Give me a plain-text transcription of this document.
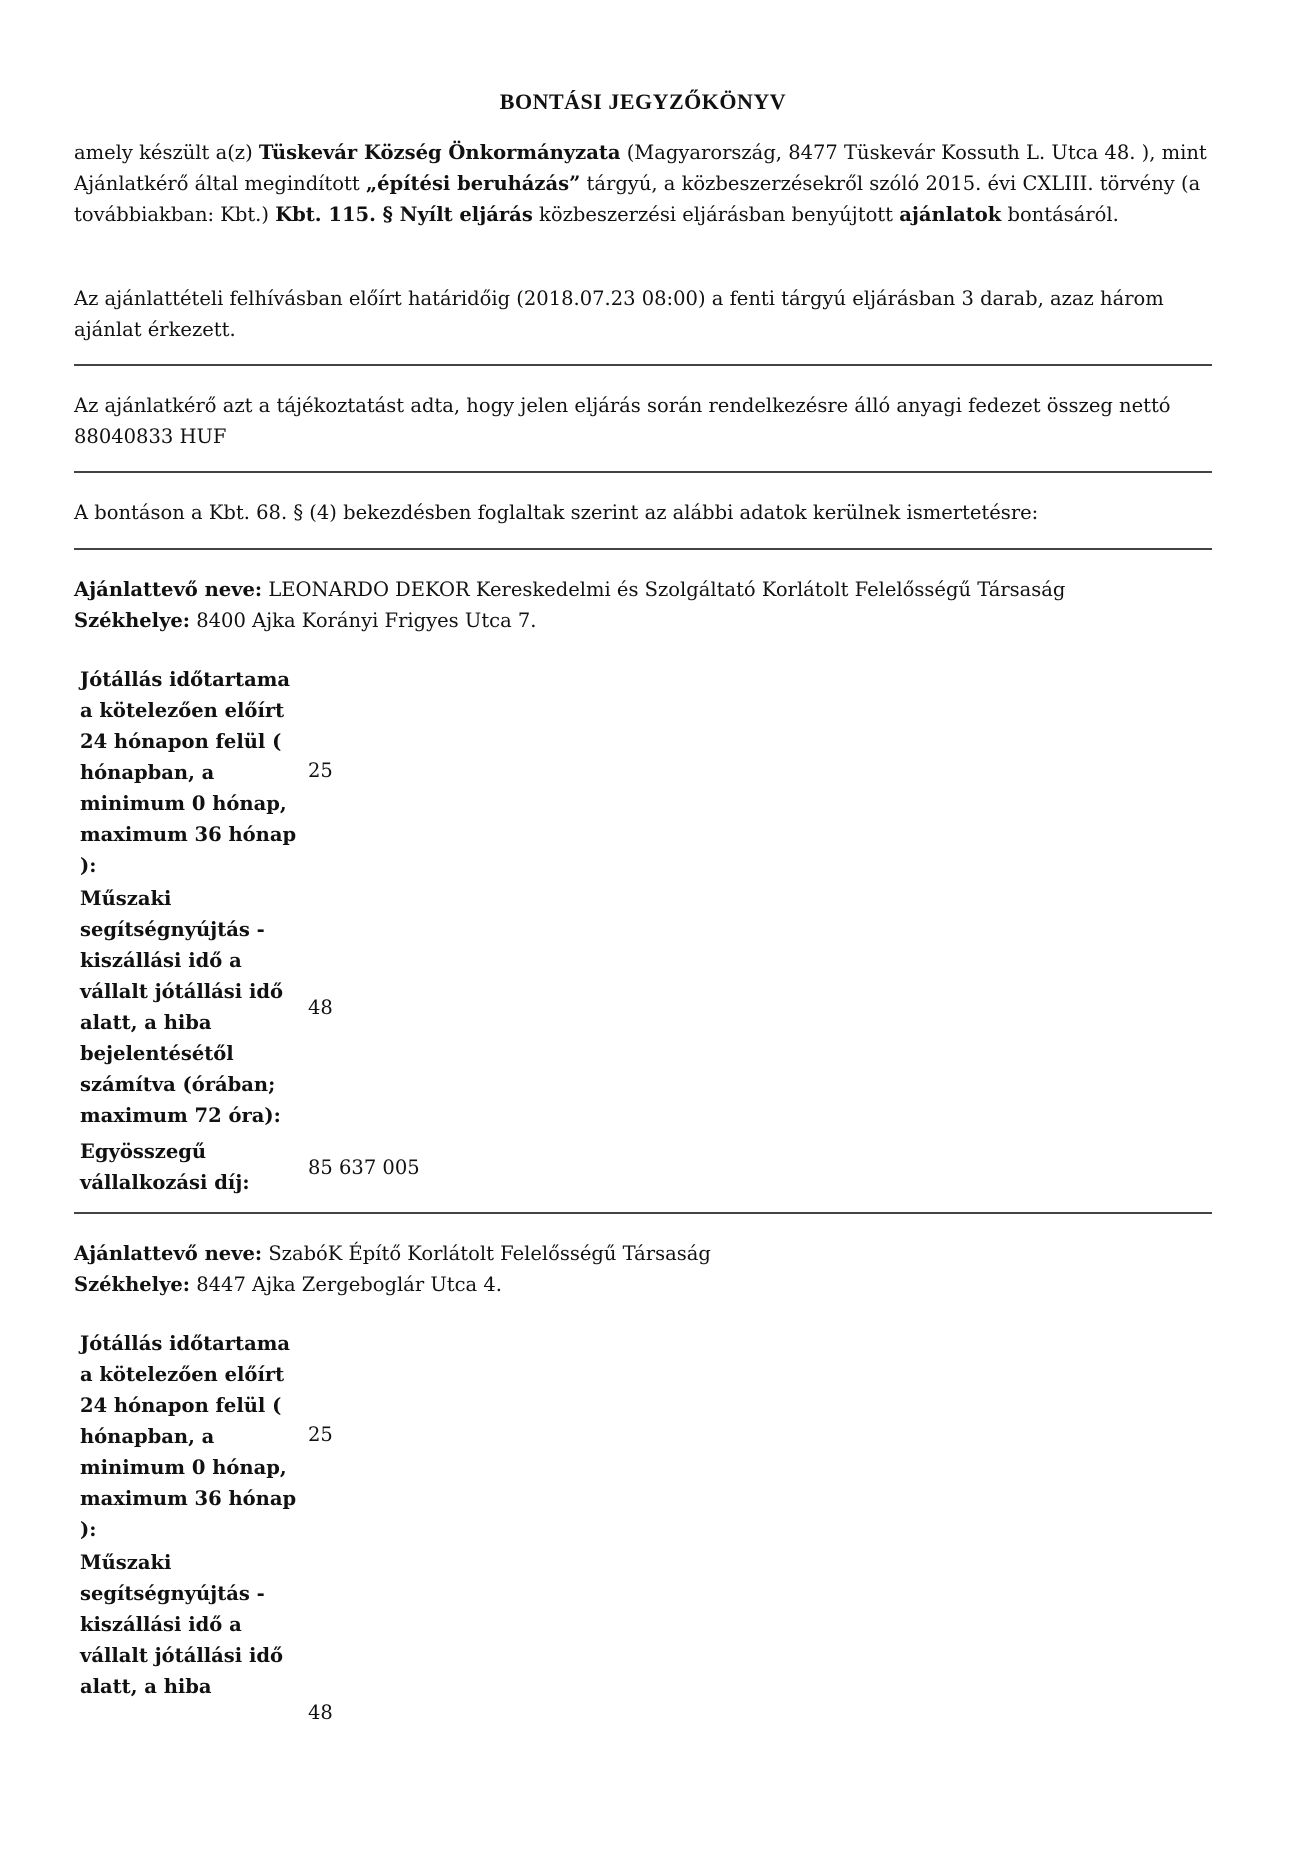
BONTÁSI JEGYZŐKÖNYV

amely készült a(z) Tüskevár Község Önkormányzata (Magyarország, 8477 Tüskevár Kossuth L. Utca 48. ), mint Ajánlatkérő által megindított „építési beruházás” tárgyú, a közbeszerzésekről szóló 2015. évi CXLIII. törvény (a továbbiakban: Kbt.) Kbt. 115. § Nyílt eljárás közbeszerzési eljárásban benyújtott ajánlatok bontásáról.

Az ajánlattételi felhívásban előírt határidőig (2018.07.23 08:00) a fenti tárgyú eljárásban 3 darab, azaz három ajánlat érkezett.

Az ajánlatkérő azt a tájékoztatást adta, hogy jelen eljárás során rendelkezésre álló anyagi fedezet összeg nettó 88040833 HUF

A bontáson a Kbt. 68. § (4) bekezdésben foglaltak szerint az alábbi adatok kerülnek ismertetésre:

Ajánlattevő neve: LEONARDO DEKOR Kereskedelmi és Szolgáltató Korlátolt Felelősségű Társaság

Székhelye: 8400 Ajka Korányi Frigyes Utca 7.

Jótállás időtartama a kötelezően előírt 24 hónapon felül ( hónapban, a minimum 0 hónap, maximum 36 hónap ):

25

Műszaki segítségnyújtás - kiszállási idő a vállalt jótállási idő alatt, a hiba bejelentésétől számítva (órában; maximum 72 óra):

48

Egyösszegű vállalkozási díj:

85 637 005

Ajánlattevő neve: SzabóK Építő Korlátolt Felelősségű Társaság

Székhelye: 8447 Ajka Zergeboglár Utca 4.

Jótállás időtartama a kötelezően előírt 24 hónapon felül ( hónapban, a minimum 0 hónap, maximum 36 hónap ):

25

Műszaki segítségnyújtás - kiszállási idő a vállalt jótállási idő alatt, a hiba

48
